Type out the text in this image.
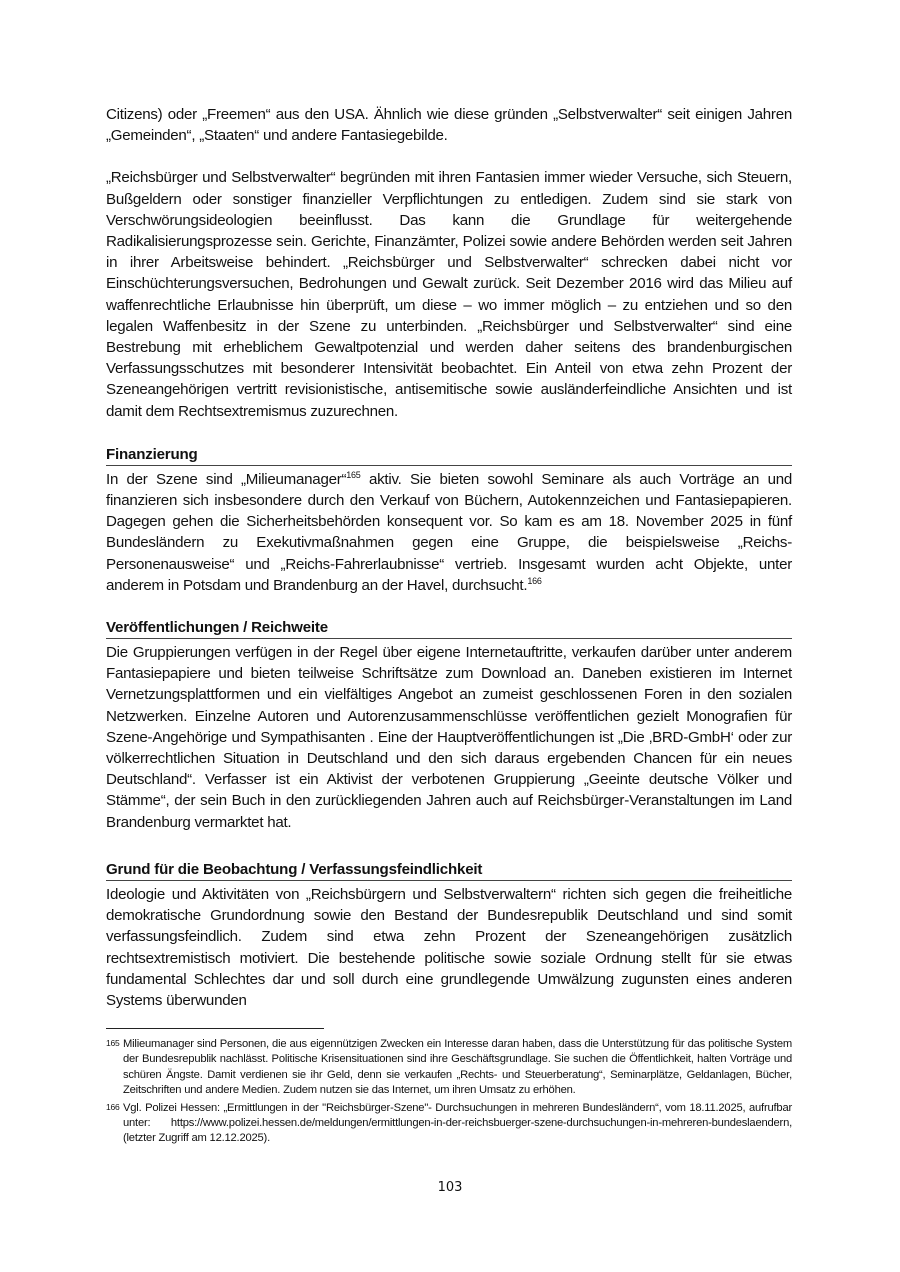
Citizens) oder „Freemen“ aus den USA. Ähnlich wie diese gründen „Selbstverwalter“ seit einigen Jahren „Gemeinden“, „Staaten“ und andere Fantasiegebilde.

„Reichsbürger und Selbstverwalter“ begründen mit ihren Fantasien immer wieder Versuche, sich Steuern, Bußgeldern oder sonstiger finanzieller Verpflichtungen zu entledigen. Zudem sind sie stark von Verschwörungsideologien beeinflusst. Das kann die Grundlage für weitergehende Radikalisierungsprozesse sein. Gerichte, Finanzämter, Polizei sowie andere Behörden werden seit Jahren in ihrer Arbeitsweise behindert. „Reichsbürger und Selbstverwalter“ schrecken dabei nicht vor Einschüchterungsversuchen, Bedrohungen und Gewalt zurück. Seit Dezember 2016 wird das Milieu auf waffenrechtliche Erlaubnisse hin überprüft, um diese – wo immer möglich – zu entziehen und so den legalen Waffenbesitz in der Szene zu unterbinden. „Reichsbürger und Selbstverwalter“ sind eine Bestrebung mit erheblichem Gewaltpotenzial und werden daher seitens des brandenburgischen Verfassungsschutzes mit besonderer Intensivität beobachtet. Ein Anteil von etwa zehn Prozent der Szeneangehörigen vertritt revisionistische, antisemitische sowie ausländerfeindliche Ansichten und ist damit dem Rechtsextremismus zuzurechnen.

Finanzierung

In der Szene sind „Milieumanager“$^{165}$ aktiv. Sie bieten sowohl Seminare als auch Vorträge an und finanzieren sich insbesondere durch den Verkauf von Büchern, Autokennzeichen und Fantasiepapieren. Dagegen gehen die Sicherheitsbehörden konsequent vor. So kam es am 18. November 2025 in fünf Bundesländern zu Exekutivmaßnahmen gegen eine Gruppe, die beispielsweise „Reichs-Personenausweise“ und „Reichs-Fahrerlaubnisse“ vertrieb. Insgesamt wurden acht Objekte, unter anderem in Potsdam und Brandenburg an der Havel, durchsucht.$^{166}$

Veröffentlichungen / Reichweite

Die Gruppierungen verfügen in der Regel über eigene Internetauftritte, verkaufen darüber unter anderem Fantasiepapiere und bieten teilweise Schriftsätze zum Download an. Daneben existieren im Internet Vernetzungsplattformen und ein vielfältiges Angebot an zumeist geschlossenen Foren in den sozialen Netzwerken. Einzelne Autoren und Autorenzusammenschlüsse veröffentlichen gezielt Monografien für Szene-Angehörige und Sympathisanten . Eine der Hauptveröffentlichungen ist „Die ‚BRD-GmbH‘ oder zur völkerrechtlichen Situation in Deutschland und den sich daraus ergebenden Chancen für ein neues Deutschland“. Verfasser ist ein Aktivist der verbotenen Gruppierung „Geeinte deutsche Völker und Stämme“, der sein Buch in den zurückliegenden Jahren auch auf Reichsbürger-Veranstaltungen im Land Brandenburg vermarktet hat.

Grund für die Beobachtung / Verfassungsfeindlichkeit

Ideologie und Aktivitäten von „Reichsbürgern und Selbstverwaltern“ richten sich gegen die freiheitliche demokratische Grundordnung sowie den Bestand der Bundesrepublik Deutschland und sind somit verfassungsfeindlich. Zudem sind etwa zehn Prozent der Szeneangehörigen zusätzlich rechtsextremistisch motiviert. Die bestehende politische sowie soziale Ordnung stellt für sie etwas fundamental Schlechtes dar und soll durch eine grundlegende Umwälzung zugunsten eines anderen Systems überwunden

165 Milieumanager sind Personen, die aus eigennützigen Zwecken ein Interesse daran haben, dass die Unterstützung für das politische System der Bundesrepublik nachlässt. Politische Krisensituationen sind ihre Geschäftsgrundlage. Sie suchen die Öffentlichkeit, halten Vorträge und schüren Ängste. Damit verdienen sie ihr Geld, denn sie verkaufen „Rechts- und Steuerberatung“, Seminarplätze, Geldanlagen, Bücher, Zeitschriften und andere Medien. Zudem nutzen sie das Internet, um ihren Umsatz zu erhöhen.
166 Vgl. Polizei Hessen: „Ermittlungen in der "Reichsbürger-Szene"- Durchsuchungen in mehreren Bundesländern“, vom 18.11.2025, aufrufbar unter: https://www.polizei.hessen.de/meldungen/ermittlungen-in-der-reichsbuerger-szene-durchsuchungen-in-mehreren-bundeslaendern, (letzter Zugriff am 12.12.2025).
103
